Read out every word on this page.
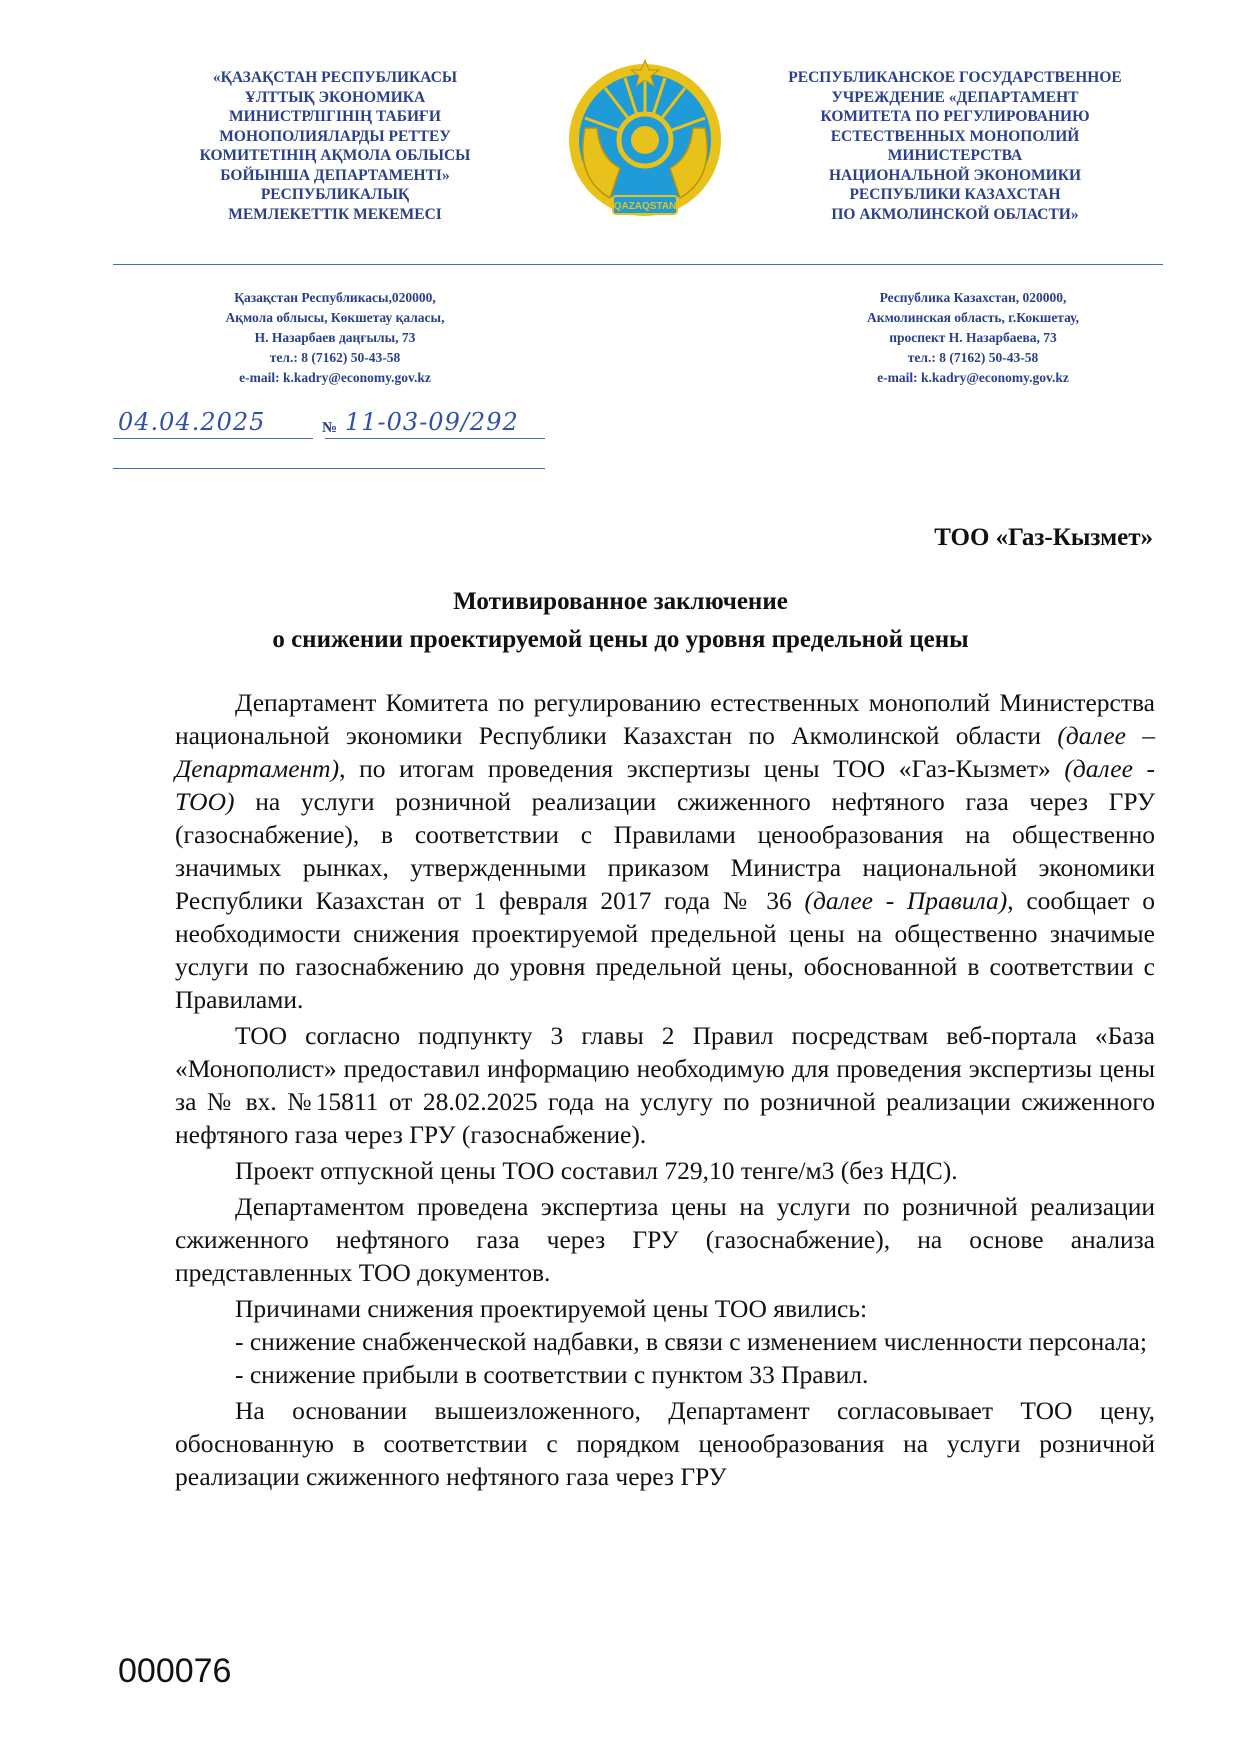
«ҚАЗАҚСТАН РЕСПУБЛИКАСЫ
ҰЛТТЫҚ ЭКОНОМИКА
МИНИСТРЛІГІНІҢ ТАБИҒИ
МОНОПОЛИЯЛАРДЫ РЕТТЕУ
КОМИТЕТІНІҢ АҚМОЛА ОБЛЫСЫ
БОЙЫНША ДЕПАРТАМЕНТІ»
РЕСПУБЛИКАЛЫҚ
МЕМЛЕКЕТТІК МЕКЕМЕСІ	QAZAQSTAN
РЕСПУБЛИКАНСКОЕ ГОСУДАРСТВЕННОЕ
УЧРЕЖДЕНИЕ «ДЕПАРТАМЕНТ
КОМИТЕТА ПО РЕГУЛИРОВАНИЮ
ЕСТЕСТВЕННЫХ МОНОПОЛИЙ
МИНИСТЕРСТВА
НАЦИОНАЛЬНОЙ ЭКОНОМИКИ
РЕСПУБЛИКИ КАЗАХСТАН
ПО АКМОЛИНСКОЙ ОБЛАСТИ»
Қазақстан Республикасы,020000,
Ақмола облысы, Көкшетау қаласы,
Н. Назарбаев даңғылы, 73
тел.: 8 (7162) 50-43-58
e-mail: k.kadry@economy.gov.kz
Республика Казахстан, 020000,
Акмолинская область, г.Кокшетау,
проспект Н. Назарбаева, 73
тел.: 8 (7162) 50-43-58
e-mail: k.kadry@economy.gov.kz
04.04.2025	№ 11-03-09/292
ТОО «Газ-Кызмет»
Мотивированное заключение
о снижении проектируемой цены до уровня предельной цены

Департамент Комитета по регулированию естественных монополий Министерства национальной экономики Республики Казахстан по Акмолинской области (далее – Департамент), по итогам проведения экспертизы цены ТОО «Газ-Кызмет» (далее - ТОО) на услуги розничной реализации сжиженного нефтяного газа через ГРУ (газоснабжение), в соответствии с Правилами ценообразования на общественно значимых рынках, утвержденными приказом Министра национальной экономики Республики Казахстан от 1 февраля 2017 года № 36 (далее - Правила), сообщает о необходимости снижения проектируемой предельной цены на общественно значимые услуги по газоснабжению до уровня предельной цены, обоснованной в соответствии с Правилами.

ТОО согласно подпункту 3 главы 2 Правил посредствам веб-портала «База «Монополист» предоставил информацию необходимую для проведения экспертизы цены за № вх. №15811 от 28.02.2025 года на услугу по розничной реализации сжиженного нефтяного газа через ГРУ (газоснабжение).

Проект отпускной цены ТОО составил 729,10 тенге/м3 (без НДС).

Департаментом проведена экспертиза цены на услуги по розничной реализации сжиженного нефтяного газа через ГРУ (газоснабжение), на основе анализа представленных ТОО документов.

Причинами снижения проектируемой цены ТОО явились:

- снижение снабженческой надбавки, в связи с изменением численности персонала;

- снижение прибыли в соответствии с пунктом 33 Правил.

На основании вышеизложенного, Департамент согласовывает ТОО цену, обоснованную в соответствии с порядком ценообразования на услуги розничной реализации сжиженного нефтяного газа через ГРУ

000076
